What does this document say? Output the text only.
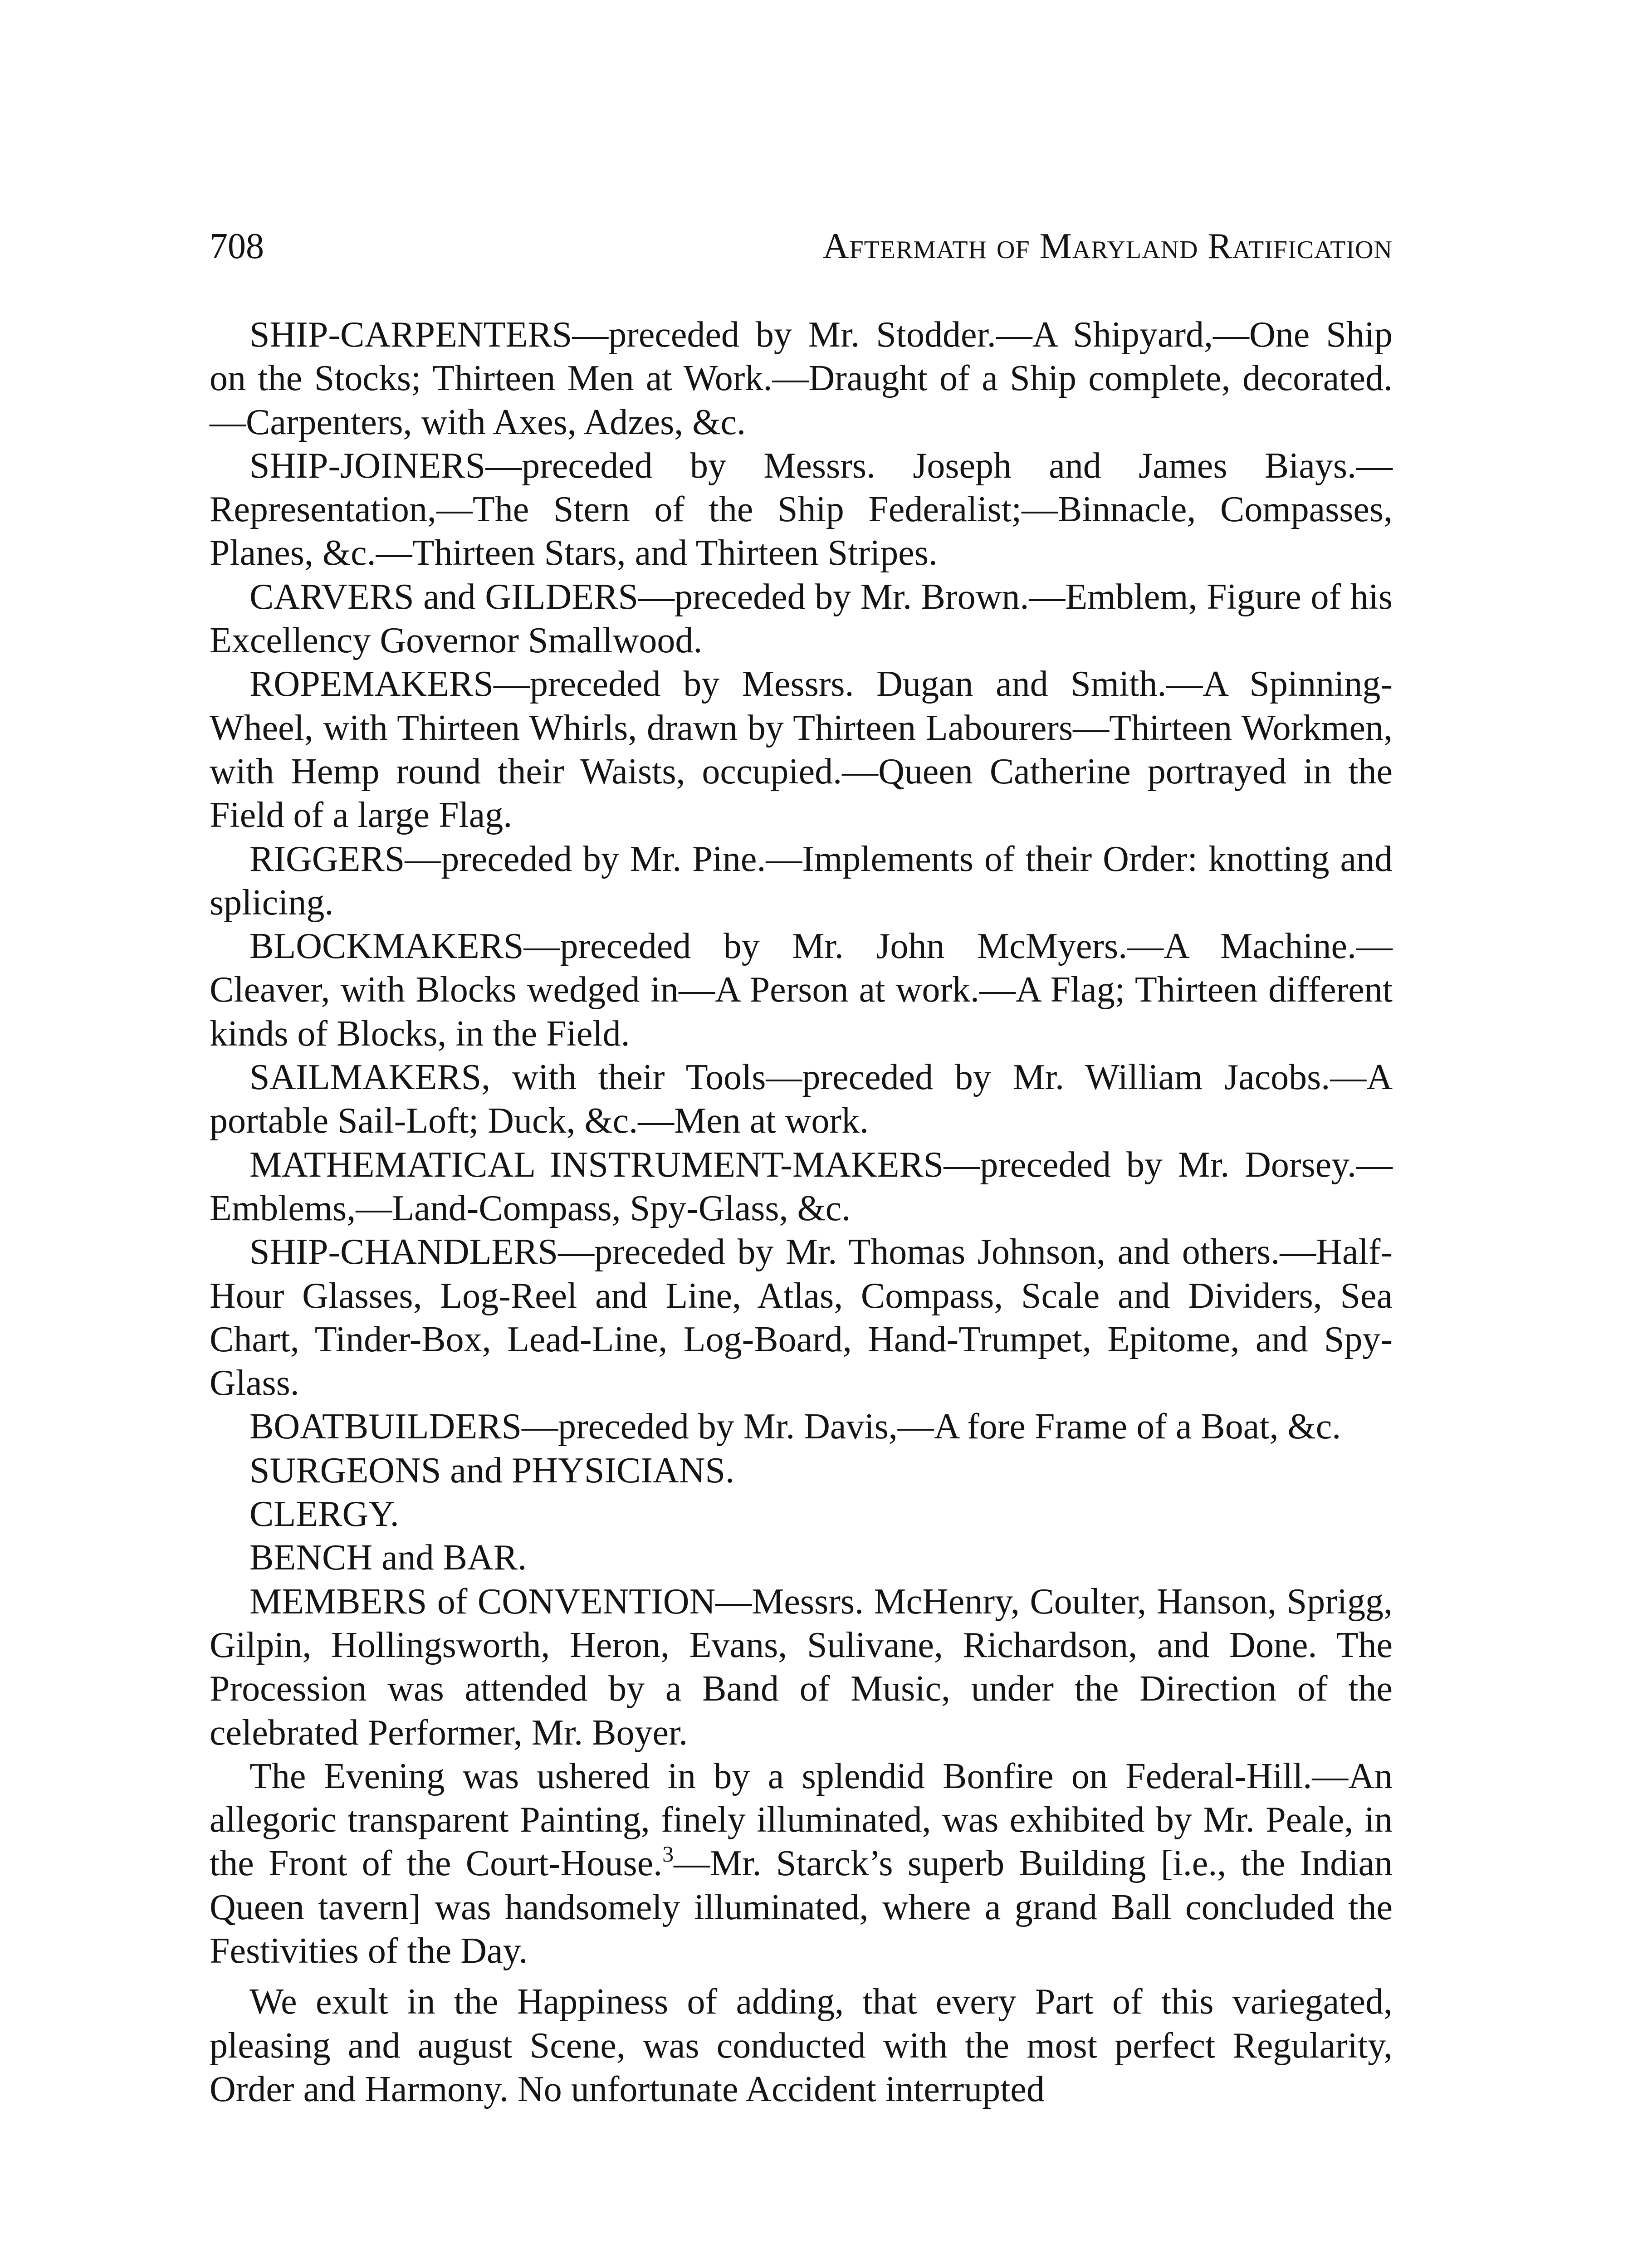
708	Aftermath of Maryland Ratification

SHIP-CARPENTERS—preceded by Mr. Stodder.—A Shipyard,—One Ship on the Stocks; Thirteen Men at Work.—Draught of a Ship complete, decorated.—Carpenters, with Axes, Adzes, &c.

SHIP-JOINERS—preceded by Messrs. Joseph and James Biays.—Representation,—The Stern of the Ship Federalist;—Binnacle, Compasses, Planes, &c.—Thirteen Stars, and Thirteen Stripes.

CARVERS and GILDERS—preceded by Mr. Brown.—Emblem, Figure of his Excellency Governor Smallwood.

ROPEMAKERS—preceded by Messrs. Dugan and Smith.—A Spinning-Wheel, with Thirteen Whirls, drawn by Thirteen Labourers—Thirteen Workmen, with Hemp round their Waists, occupied.—Queen Catherine portrayed in the Field of a large Flag.

RIGGERS—preceded by Mr. Pine.—Implements of their Order: knotting and splicing.

BLOCKMAKERS—preceded by Mr. John McMyers.—A Machine.—Cleaver, with Blocks wedged in—A Person at work.—A Flag; Thirteen different kinds of Blocks, in the Field.

SAILMAKERS, with their Tools—preceded by Mr. William Jacobs.—A portable Sail-Loft; Duck, &c.—Men at work.

MATHEMATICAL INSTRUMENT-MAKERS—preceded by Mr. Dorsey.—Emblems,—Land-Compass, Spy-Glass, &c.

SHIP-CHANDLERS—preceded by Mr. Thomas Johnson, and others.—Half-Hour Glasses, Log-Reel and Line, Atlas, Compass, Scale and Dividers, Sea Chart, Tinder-Box, Lead-Line, Log-Board, Hand-Trumpet, Epitome, and Spy-Glass.

BOATBUILDERS—preceded by Mr. Davis,—A fore Frame of a Boat, &c.

SURGEONS and PHYSICIANS.

CLERGY.

BENCH and BAR.

MEMBERS of CONVENTION—Messrs. McHenry, Coulter, Hanson, Sprigg, Gilpin, Hollingsworth, Heron, Evans, Sulivane, Richardson, and Done. The Procession was attended by a Band of Music, under the Direction of the celebrated Performer, Mr. Boyer.

The Evening was ushered in by a splendid Bonfire on Federal-Hill.—An allegoric transparent Painting, finely illuminated, was exhibited by Mr. Peale, in the Front of the Court-House.$^3$—Mr. Starck’s superb Building [i.e., the Indian Queen tavern] was handsomely illuminated, where a grand Ball concluded the Festivities of the Day.

We exult in the Happiness of adding, that every Part of this variegated, pleasing and august Scene, was conducted with the most perfect Regularity, Order and Harmony. No unfortunate Accident interrupted
